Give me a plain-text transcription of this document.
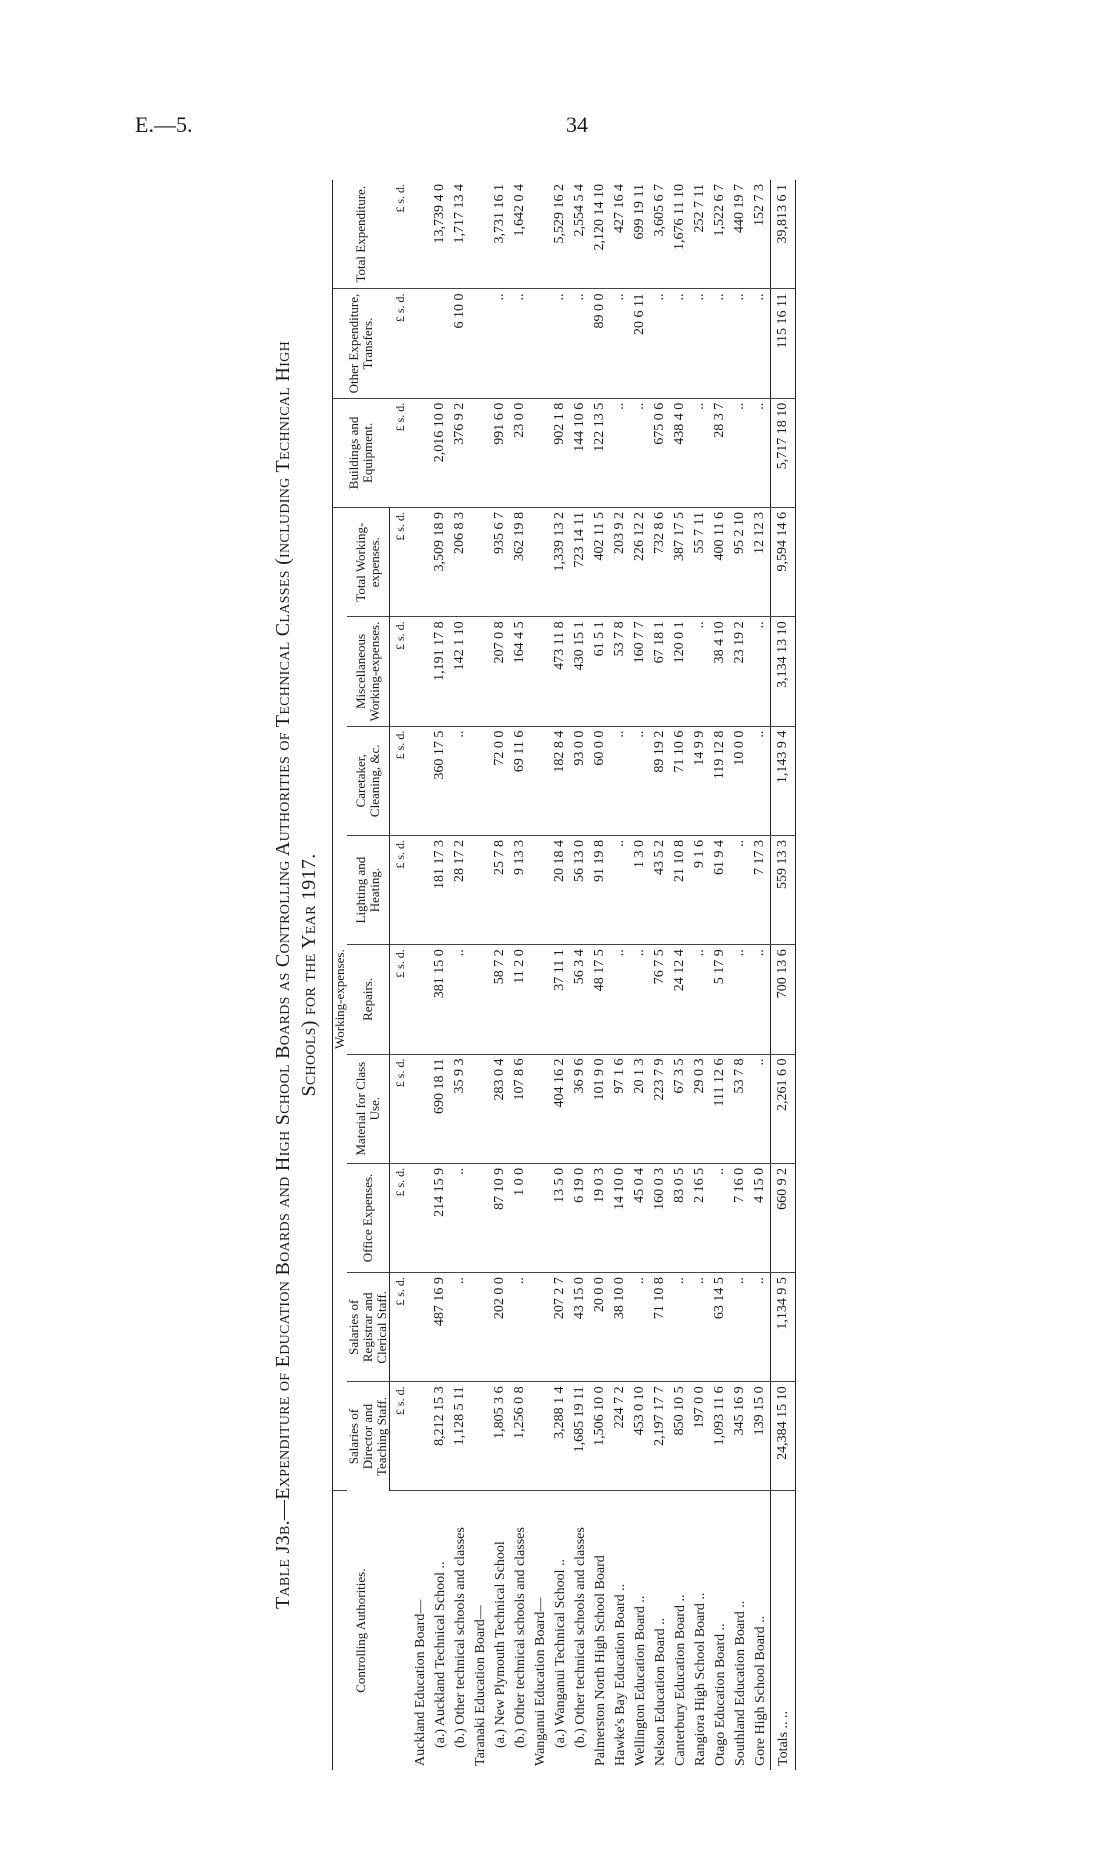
E.—5.	34
Table J3b.—Expenditure of Education Boards and High School Boards as Controlling Authorities of Technical Classes (including Technical High Schools) for the Year 1917.
Controlling Authorities.	Working-expenses.									Buildings and Equipment.	Other Expenditure, Transfers.	Total Expenditure.
	Salaries of Director and Teaching Staff.	Salaries of Registrar and Clerical Staff.	Office Expenses.	Material for Class Use.	Repairs.	Lighting and Heating.	Caretaker, Cleaning, &c.	Miscellaneous Working-expenses.	Total Working-expenses.			
	£ s. d.	£ s. d.	£ s. d.	£ s. d.	£ s. d.	£ s. d.	£ s. d.	£ s. d.	£ s. d.	£ s. d.	£ s. d.	£ s. d.
Auckland Education Board—												
(a.) Auckland Technical School ..	8,212 15 3	487 16 9	214 15 9	690 18 11	381 15 0	181 17 3	360 17 5	1,191 17 8	3,509 18 9	2,016 10 0		13,739 4 0
(b.) Other technical schools and classes	1,128 5 11	..	..	35 9 3	..	28 17 2	..	142 1 10	206 8 3	376 9 2	6 10 0	1,717 13 4
Taranaki Education Board—												
(a.) New Plymouth Technical School	1,805 3 6	202 0 0	87 10 9	283 0 4	58 7 2	25 7 8	72 0 0	207 0 8	935 6 7	991 6 0	..	3,731 16 1
(b.) Other technical schools and classes	1,256 0 8	..	1 0 0	107 8 6	11 2 0	9 13 3	69 11 6	164 4 5	362 19 8	23 0 0	..	1,642 0 4
Wanganui Education Board—												
(a.) Wanganui Technical School ..	3,288 1 4	207 2 7	13 5 0	404 16 2	37 11 1	20 18 4	182 8 4	473 11 8	1,339 13 2	902 1 8	..	5,529 16 2
(b.) Other technical schools and classes	1,685 19 11	43 15 0	6 19 0	36 9 6	56 3 4	56 13 0	93 0 0	430 15 1	723 14 11	144 10 6	..	2,554 5 4
Palmerston North High School Board	1,506 10 0	20 0 0	19 0 3	101 9 0	48 17 5	91 19 8	60 0 0	61 5 1	402 11 5	122 13 5	89 0 0	2,120 14 10
Hawke's Bay Education Board ..	224 7 2	38 10 0	14 10 0	97 1 6	..	..	..	53 7 8	203 9 2	..	..	427 16 4
Wellington Education Board ..	453 0 10	..	45 0 4	20 1 3	..	1 3 0	..	160 7 7	226 12 2	..	20 6 11	699 19 11
Nelson Education Board ..	2,197 17 7	71 10 8	160 0 3	223 7 9	76 7 5	43 5 2	89 19 2	67 18 1	732 8 6	675 0 6	..	3,605 6 7
Canterbury Education Board ..	850 10 5	..	83 0 5	67 3 5	24 12 4	21 10 8	71 10 6	120 0 1	387 17 5	438 4 0	..	1,676 11 10
Rangiora High School Board ..	197 0 0	..	2 16 5	29 0 3	..	9 1 6	14 9 9	..	55 7 11	..	..	252 7 11
Otago Education Board ..	1,093 11 6	63 14 5	..	111 12 6	5 17 9	61 9 4	119 12 8	38 4 10	400 11 6	28 3 7	..	1,522 6 7
Southland Education Board ..	345 16 9	..	7 16 0	53 7 8	..	..	10 0 0	23 19 2	95 2 10	..	..	440 19 7
Gore High School Board ..	139 15 0	..	4 15 0	..	..	7 17 3	..	..	12 12 3	..	..	152 7 3
Totals .. ..	24,384 15 10	1,134 9 5	660 9 2	2,261 6 0	700 13 6	559 13 3	1,143 9 4	3,134 13 10	9,594 14 6	5,717 18 10	115 16 11	39,813 6 1
